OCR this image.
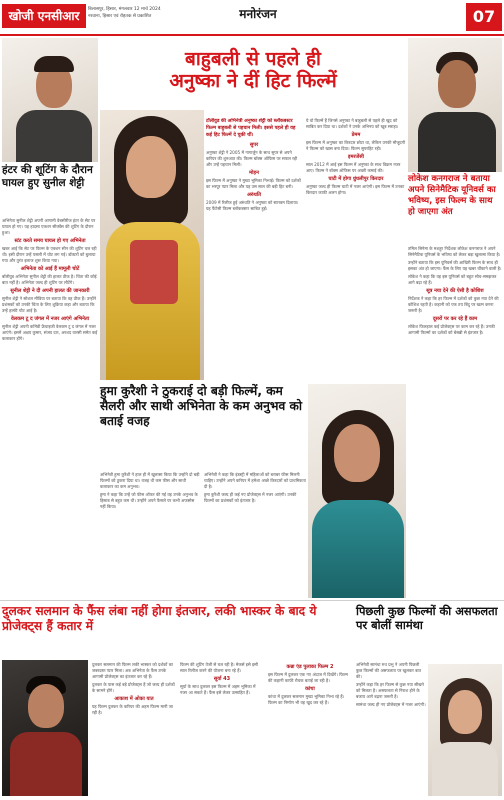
खोजी एनसीआर	बिलासपुर, हिसार, मंगलवार 12 मार्च 2024
नरवाना, हिसार एवं रोहतक से प्रकाशित	मनोरंजन	07
हंटर की शूटिंग के दौरान घायल हुए सुनील शेट्टी

अभिनेता सुनील शेट्टी अपनी आगामी वेबसीरीज हंटर के सेट पर घायल हो गए। यह हादसा एक्शन सीक्वेंस की शूटिंग के दौरान हुआ।

स्टंट करते समय घायल हो गए अभिनेता

खबर आई कि सेट पर फिल्म के एक्शन सीन की शूटिंग चल रही थी। इसी दौरान उन्हें पसली में चोट लग गई। डॉक्टरों को बुलाया गया और तुरंत इलाज शुरू किया गया।

अभिनेता को आई हैं मामूली चोटें

बॉलीवुड अभिनेता सुनील शेट्टी की हालत ठीक है। चिंता की कोई बात नहीं है। अभिनेता जल्द ही शूटिंग पर लौटेंगे।

सुनील शेट्टी ने दी अपनी हालत की जानकारी

सुनील शेट्टी ने सोशल मीडिया पर बताया कि वह ठीक हैं। उन्होंने प्रशंसकों को उनकी चिंता के लिए शुक्रिया कहा और बताया कि उन्हें हल्की चोट आई है।

वेलकम टू द जंगल में नजर आएंगे अभिनेता

सुनील शेट्टी अपनी कॉमेडी फ्रेंचाइजी वेलकम टू द जंगल में नजर आएंगे। इसमें अक्षय कुमार, संजय दत्त, अरशद वारसी समेत कई कलाकार होंगे।

बाहुबली से पहले ही
अनुष्का ने दीं हिट फिल्में
टॉलीवुड की अभिनेत्री अनुष्का शेट्टी को ब्लॉकबस्टर फिल्म बाहुबली से पहचान मिली। इससे पहले ही वह कई हिट फिल्में दे चुकी थीं।
सुपर

अनुष्का शेट्टी ने 2005 में नागार्जुन के साथ सुपर से अपने करियर की शुरुआत की। फिल्म बॉक्स ऑफिस पर सफल रही और उन्हें पहचान मिली।

मोहन

इस फिल्म में अनुष्का ने मुख्य भूमिका निभाई। फिल्म को दर्शकों का भरपूर प्यार मिला और यह उस साल की बड़ी हिट बनी।

अरुंधति

2009 में रिलीज हुई अरुंधति ने अनुष्का को स्टारडम दिलाया। यह फैंटेसी फिल्म ब्लॉकबस्टर साबित हुई।

ये वो फिल्में हैं जिनसे अनुष्का ने बाहुबली से पहले ही खुद को साबित कर दिया था। दर्शकों ने उनके अभिनय को खूब सराहा।

प्रेमम

इस फिल्म में अनुष्का का किरदार छोटा था, लेकिन उनकी मौजूदगी ने फिल्म को खास बना दिया। फिल्म सुपरहिट रही।

इमरजेंसी

साल 2012 में आई इस फिल्म में अनुष्का के साथ विक्रम नजर आए। फिल्म ने बॉक्स ऑफिस पर अच्छी कमाई की।

घाटी में होगा धुंधलीपुर किरदार

अनुष्का जल्द ही फिल्म घाटी में नजर आएंगी। इस फिल्म में उनका किरदार काफी अलग होगा।

लोकेश कनगराज ने बताया अपने सिनेमैटिक यूनिवर्स का भविष्य, इस फिल्म के साथ हो जाएगा अंत

तमिल सिनेमा के मशहूर निर्देशक लोकेश कनगराज ने अपने सिनेमैटिक यूनिवर्स के भविष्य को लेकर बड़ा खुलासा किया है।

उन्होंने बताया कि इस यूनिवर्स की आखिरी फिल्म के साथ ही इसका अंत हो जाएगा। फैंस के लिए यह खबर चौंकाने वाली है।

लोकेश ने कहा कि वह इस यूनिवर्स को बहुत सोच-समझकर आगे बढ़ा रहे हैं।

सूत्र नया देने की ऐसी है कोशिश

निर्देशक ने कहा कि हर फिल्म में दर्शकों को कुछ नया देने की कोशिश रहती है। कहानी को एक तय बिंदु पर खत्म करना जरूरी है।

दूसरों पर कर रहे हैं काम

लोकेश फिलहाल कई प्रोजेक्ट्स पर काम कर रहे हैं। उनकी आगामी फिल्मों का दर्शकों को बेसब्री से इंतजार है।

हुमा कुरैशी ने ठुकराई दो बड़ी फिल्में, कम सैलरी और साथी अभिनेता के कम अनुभव को बताई वजह

अभिनेत्री हुमा कुरैशी ने हाल ही में खुलासा किया कि उन्होंने दो बड़ी फिल्मों को ठुकरा दिया था। वजह थी कम फीस और साथी कलाकार का कम अनुभव।

हुमा ने कहा कि उन्हें जो फीस ऑफर की गई वह उनके अनुभव के हिसाब से बहुत कम थी। उन्होंने अपने फैसले पर कभी अफसोस नहीं किया।

अभिनेत्री ने कहा कि इंडस्ट्री में महिलाओं को बराबर फीस मिलनी चाहिए। उन्होंने अपने करियर में हमेशा अच्छे किरदारों को प्राथमिकता दी है।

हुमा कुरैशी जल्द ही कई नए प्रोजेक्ट्स में नजर आएंगी। उनकी फिल्मों का प्रशंसकों को इंतजार है।

दुलकर सलमान के फैंस लंबा नहीं होगा इंतजार, लकी भास्कर के बाद ये प्रोजेक्ट्स हैं कतार में

दुलकर सलमान की फिल्म लकी भास्कर को दर्शकों का जबरदस्त प्यार मिला। अब अभिनेता के फैंस उनके आगामी प्रोजेक्ट्स का इंतजार कर रहे हैं।

दुलकर के पास कई बड़े प्रोजेक्ट्स हैं जो जल्द ही दर्शकों के सामने होंगे।

आकाश में ओका यात

यह फिल्म दुलकर के करियर की अहम फिल्म मानी जा रही है।

फिल्म की शूटिंग तेजी से चल रही है। मेकर्स इसे इसी साल रिलीज करने की योजना बना रहे हैं।

सूर्या 43

सूर्या के साथ दुलकर इस फिल्म में अहम भूमिका में नजर आ सकते हैं। फैंस इसे लेकर उत्साहित हैं।

कन्ना एंड पुलाका फिल्म 2

इस फिल्म में दुलकर एक नए अंदाज में दिखेंगे। फिल्म की कहानी काफी रोचक बताई जा रही है।

कांथा

कांथा में दुलकर सलमान मुख्य भूमिका निभा रहे हैं। फिल्म का निर्माण भी वह खुद कर रहे हैं।

पिछली कुछ फिल्मों की असफलता पर बोलीं सामंथा

अभिनेत्री सामंथा रुथ प्रभु ने अपनी पिछली कुछ फिल्मों की असफलता पर खुलकर बात की।

उन्होंने कहा कि हर फिल्म से कुछ नया सीखने को मिलता है। असफलता से निराश होने के बजाय आगे बढ़ना जरूरी है।

सामंथा जल्द ही नए प्रोजेक्ट्स में नजर आएंगी।
